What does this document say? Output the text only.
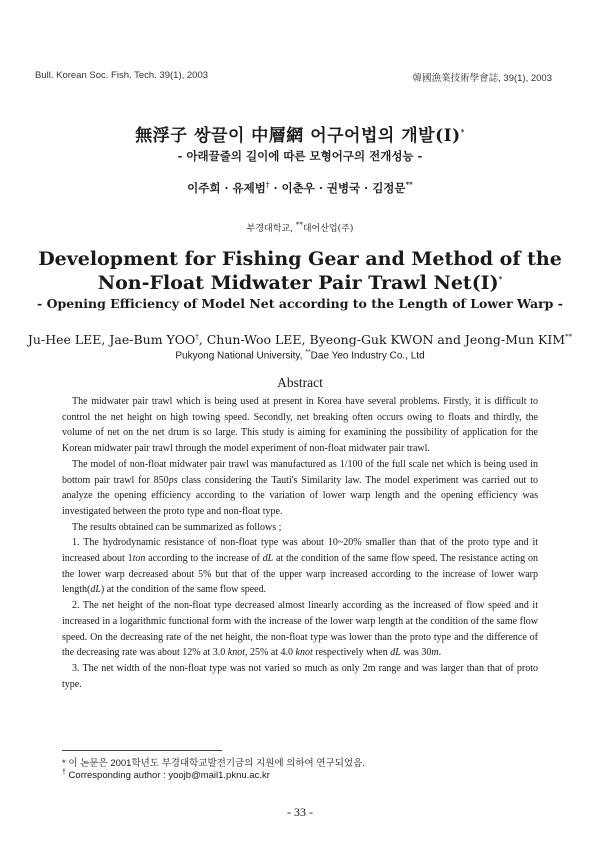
Bull. Korean Soc. Fish. Tech. 39(1), 2003	韓國漁業技術學會誌, 39(1), 2003
無浮子 쌍끌이 中層網 어구어법의 개발(Ⅰ)*
- 아래끌줄의 길이에 따른 모형어구의 전개성능 -
이주희 · 유제범† · 이춘우 · 권병국 · 김정문**
부경대학교, **대어산업(주)
Development for Fishing Gear and Method of the
Non-Float Midwater Pair Trawl Net(Ⅰ)*
- Opening Efficiency of Model Net according to the Length of Lower Warp -
Ju-Hee LEE, Jae-Bum YOO†, Chun-Woo LEE, Byeong-Guk KWON and Jeong-Mun KIM**
Pukyong National University, **Dae Yeo Industry Co., Ltd
Abstract

The midwater pair trawl which is being used at present in Korea have several problems. Firstly, it is difficult to control the net height on high towing speed. Secondly, net breaking often occurs owing to floats and thirdly, the volume of net on the net drum is so large. This study is aiming for examining the possibility of application for the Korean midwater pair trawl through the model experiment of non-float midwater pair trawl.

The model of non-float midwater pair trawl was manufactured as 1/100 of the full scale net which is being used in bottom pair trawl for 850ps class considering the Tauti's Similarity law. The model experiment was carried out to analyze the opening efficiency according to the variation of lower warp length and the opening efficiency was investigated between the proto type and non-float type.

The results obtained can be summarized as follows ;

1. The hydrodynamic resistance of non-float type was about 10~20% smaller than that of the proto type and it increased about 1ton according to the increase of dL at the condition of the same flow speed. The resistance acting on the lower warp decreased about 5% but that of the upper warp increased according to the increase of lower warp length(dL) at the condition of the same flow speed.

2. The net height of the non-float type decreased almost linearly according as the increased of flow speed and it increased in a logarithmic functional form with the increase of the lower warp length at the condition of the same flow speed. On the decreasing rate of the net height, the non-float type was lower than the proto type and the difference of the decreasing rate was about 12% at 3.0 knot, 25% at 4.0 knot respectively when dL was 30m.

3. The net width of the non-float type was not varied so much as only 2m range and was larger than that of proto type.

* 이 논문은 2001학년도 부경대학교발전기금의 지원에 의하여 연구되었음.
† Corresponding author : yoojb@mail1.pknu.ac.kr
- 33 -
